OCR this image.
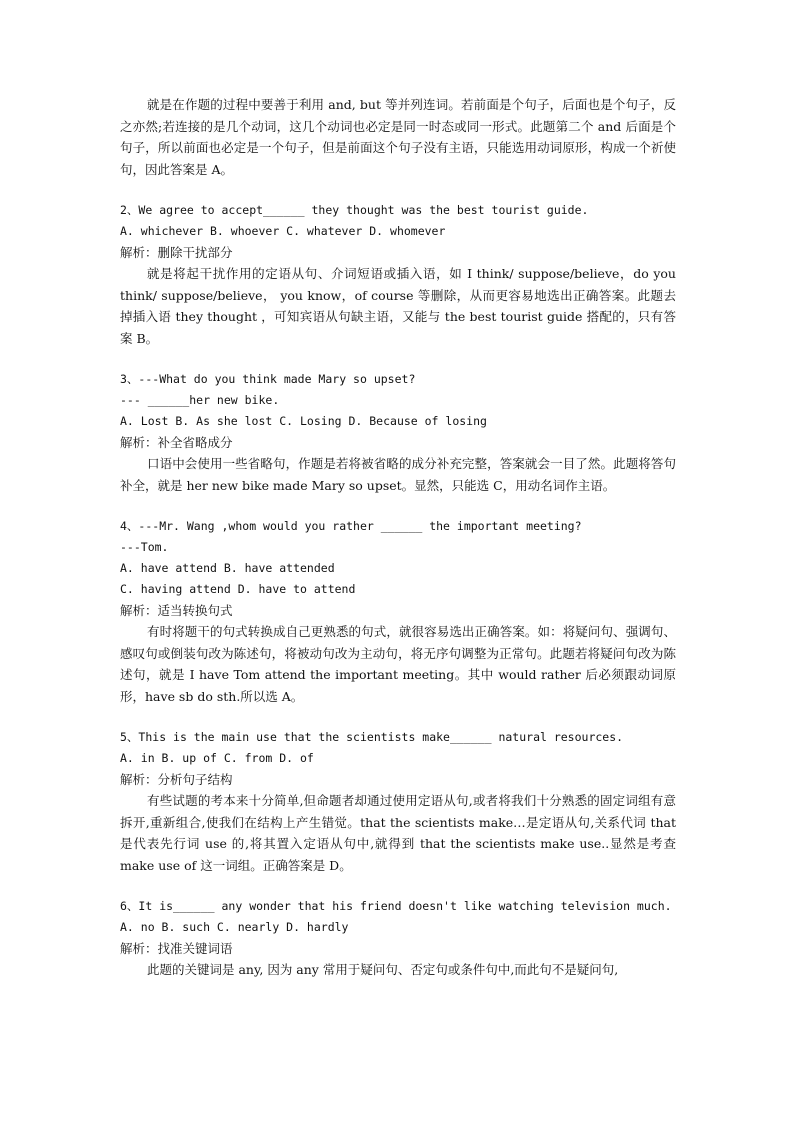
就是在作题的过程中要善于利用 and, but 等并列连词。若前面是个句子，后面也是个句子，反之亦然;若连接的是几个动词，这几个动词也必定是同一时态或同一形式。此题第二个 and 后面是个句子，所以前面也必定是一个句子，但是前面这个句子没有主语，只能选用动词原形，构成一个祈使句，因此答案是 A。

2、We agree to accept______ they thought was the best tourist guide.

A. whichever B. whoever C. whatever D. whomever

解析：删除干扰部分

就是将起干扰作用的定语从句、介词短语或插入语，如 I think/ suppose/believe，do you think/ suppose/believe， you know，of course 等删除，从而更容易地选出正确答案。此题去掉插入语 they thought ，可知宾语从句缺主语，又能与 the best tourist guide 搭配的，只有答案 B。

3、---What do you think made Mary so upset?

--- ______her new bike.

A. Lost B. As she lost C. Losing D. Because of losing

解析：补全省略成分

口语中会使用一些省略句，作题是若将被省略的成分补充完整，答案就会一目了然。此题将答句补全，就是 her new bike made Mary so upset。显然，只能选 C，用动名词作主语。

4、---Mr. Wang ,whom would you rather ______ the important meeting?

---Tom.

A. have attend B. have attended

C. having attend D. have to attend

解析：适当转换句式

有时将题干的句式转换成自己更熟悉的句式，就很容易选出正确答案。如：将疑问句、强调句、感叹句或倒装句改为陈述句，将被动句改为主动句，将无序句调整为正常句。此题若将疑问句改为陈述句，就是 I have Tom attend the important meeting。其中 would rather 后必须跟动词原形，have sb do sth.所以选 A。

5、This is the main use that the scientists make______ natural resources.

A. in B. up of C. from D. of

解析：分析句子结构

有些试题的考本来十分简单,但命题者却通过使用定语从句,或者将我们十分熟悉的固定词组有意拆开,重新组合,使我们在结构上产生错觉。that the scientists make…是定语从句,关系代词 that 是代表先行词 use 的,将其置入定语从句中,就得到 that the scientists make use..显然是考查 make use of 这一词组。正确答案是 D。

6、It is______ any wonder that his friend doesn't like watching television much.

A. no B. such C. nearly D. hardly

解析：找准关键词语

此题的关键词是 any, 因为 any 常用于疑问句、否定句或条件句中,而此句不是疑问句,
